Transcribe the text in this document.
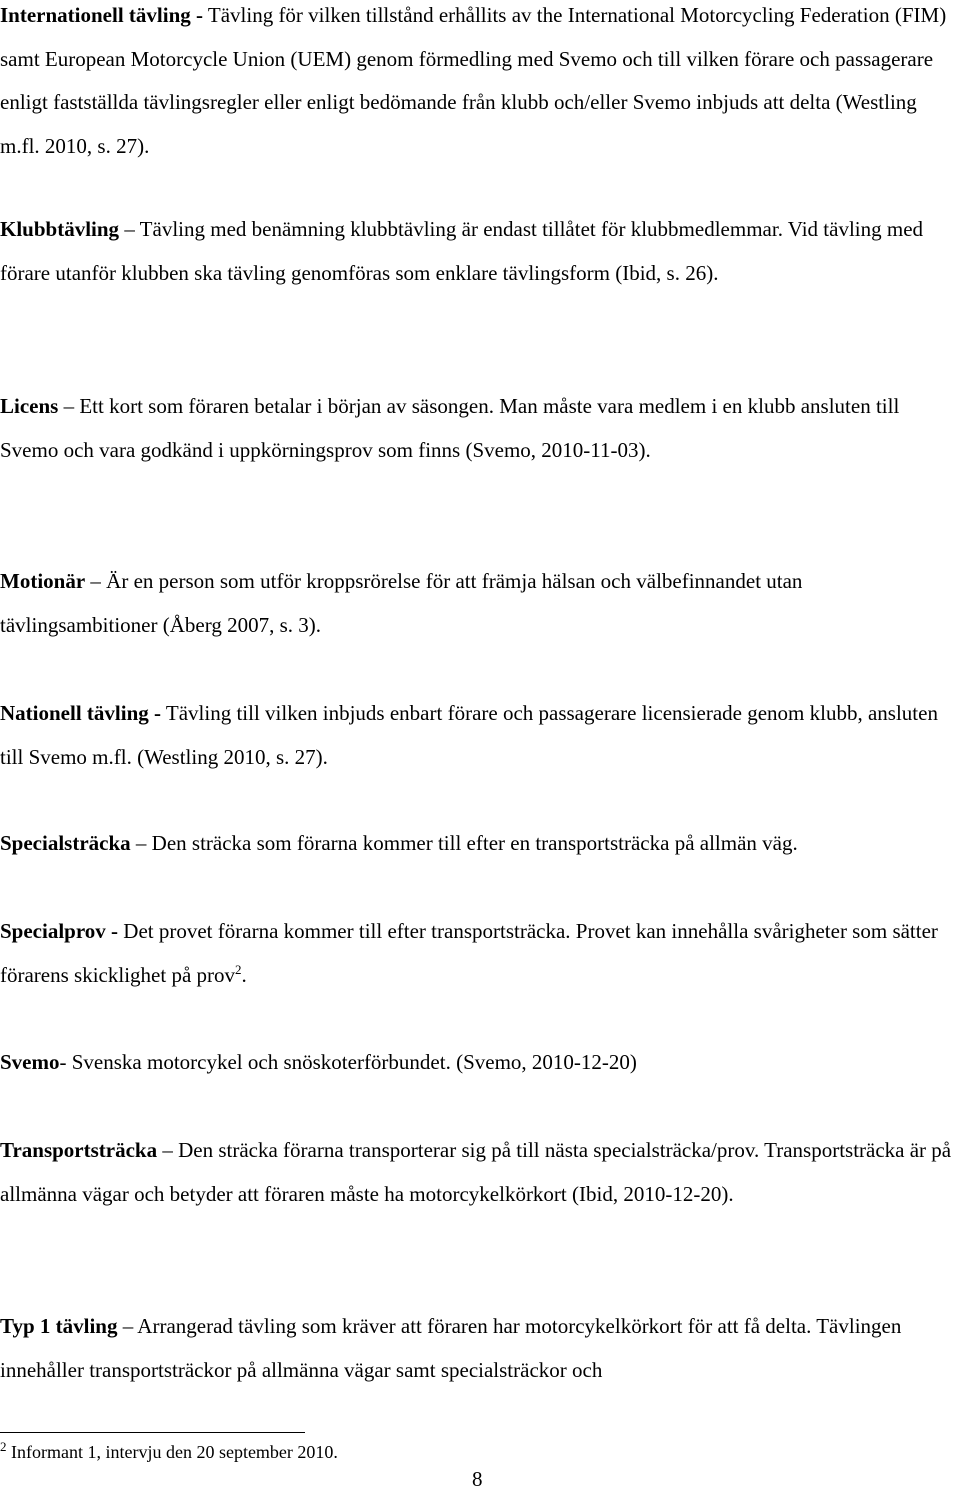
Internationell tävling - Tävling för vilken tillstånd erhållits av the International Motorcycling Federation (FIM) samt European Motorcycle Union (UEM) genom förmedling med Svemo och till vilken förare och passagerare enligt fastställda tävlingsregler eller enligt bedömande från klubb och/eller Svemo inbjuds att delta (Westling m.fl. 2010, s. 27).

Klubbtävling – Tävling med benämning klubbtävling är endast tillåtet för klubbmedlemmar. Vid tävling med förare utanför klubben ska tävling genomföras som enklare tävlingsform (Ibid, s. 26).

Licens – Ett kort som föraren betalar i början av säsongen. Man måste vara medlem i en klubb ansluten till Svemo och vara godkänd i uppkörningsprov som finns (Svemo, 2010-11-03).

Motionär – Är en person som utför kroppsrörelse för att främja hälsan och välbefinnandet utan tävlingsambitioner (Åberg 2007, s. 3).

Nationell tävling - Tävling till vilken inbjuds enbart förare och passagerare licensierade genom klubb, ansluten till Svemo m.fl. (Westling 2010, s. 27).

Specialsträcka – Den sträcka som förarna kommer till efter en transportsträcka på allmän väg.

Specialprov - Det provet förarna kommer till efter transportsträcka. Provet kan innehålla svårigheter som sätter förarens skicklighet på prov$^2$.

Svemo- Svenska motorcykel och snöskoterförbundet. (Svemo, 2010-12-20)

Transportsträcka – Den sträcka förarna transporterar sig på till nästa specialsträcka/prov. Transportsträcka är på allmänna vägar och betyder att föraren måste ha motorcykelkörkort (Ibid, 2010-12-20).

Typ 1 tävling – Arrangerad tävling som kräver att föraren har motorcykelkörkort för att få delta. Tävlingen innehåller transportsträckor på allmänna vägar samt specialsträckor och

$^2$ Informant 1, intervju den 20 september 2010.

8
